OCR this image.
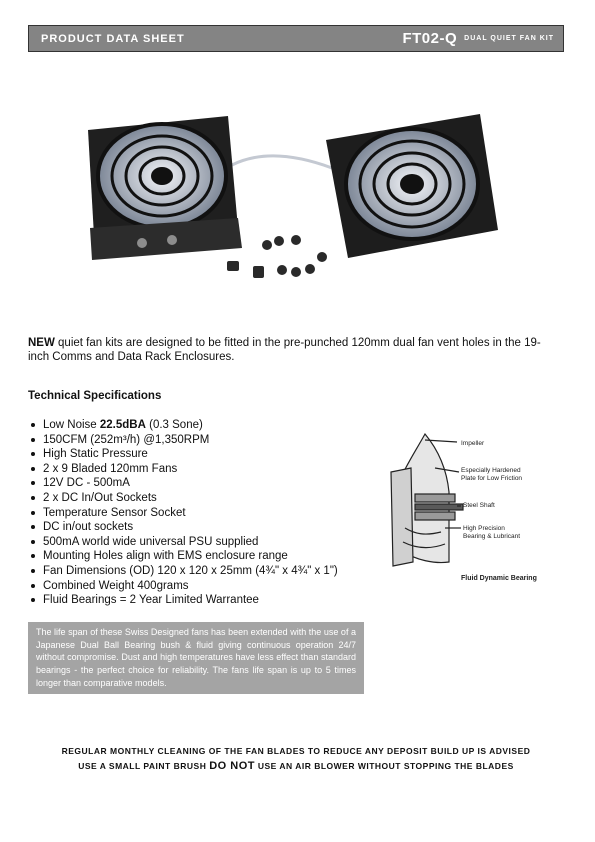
PRODUCT DATA SHEET	FT02-Q DUAL QUIET FAN KIT

NEW quiet fan kits are designed to be fitted in the pre-punched 120mm dual fan vent holes in the 19-inch Comms and Data Rack Enclosures.

Technical Specifications
Low Noise 22.5dBA (0.3 Sone)
150CFM (252m³/h) @1,350RPM
High Static Pressure
2 x 9 Bladed 120mm Fans
12V DC - 500mA
2 x DC In/Out Sockets
Temperature Sensor Socket
DC in/out sockets
500mA world wide universal PSU supplied
Mounting Holes align with EMS enclosure range
Fan Dimensions (OD) 120 x 120 x 25mm (4¾" x 4¾" x 1")
Combined Weight 400grams
Fluid Bearings = 2 Year Limited Warrantee
Impeller
Especially Hardened
Plate for Low Friction
Steel Shaft
High Precision
Bearing & Lubricant
Fluid Dynamic Bearing
The life span of these Swiss Designed fans has been extended with the use of a Japanese Dual Ball Bearing bush & fluid giving continuous operation 24/7 without compromise. Dust and high temperatures have less effect than standard bearings - the perfect choice for reliability. The fans life span is up to 5 times longer than comparative models.
REGULAR MONTHLY CLEANING OF THE FAN BLADES TO REDUCE ANY DEPOSIT BUILD UP IS ADVISED
USE A SMALL PAINT BRUSH DO NOT USE AN AIR BLOWER WITHOUT STOPPING THE BLADES
